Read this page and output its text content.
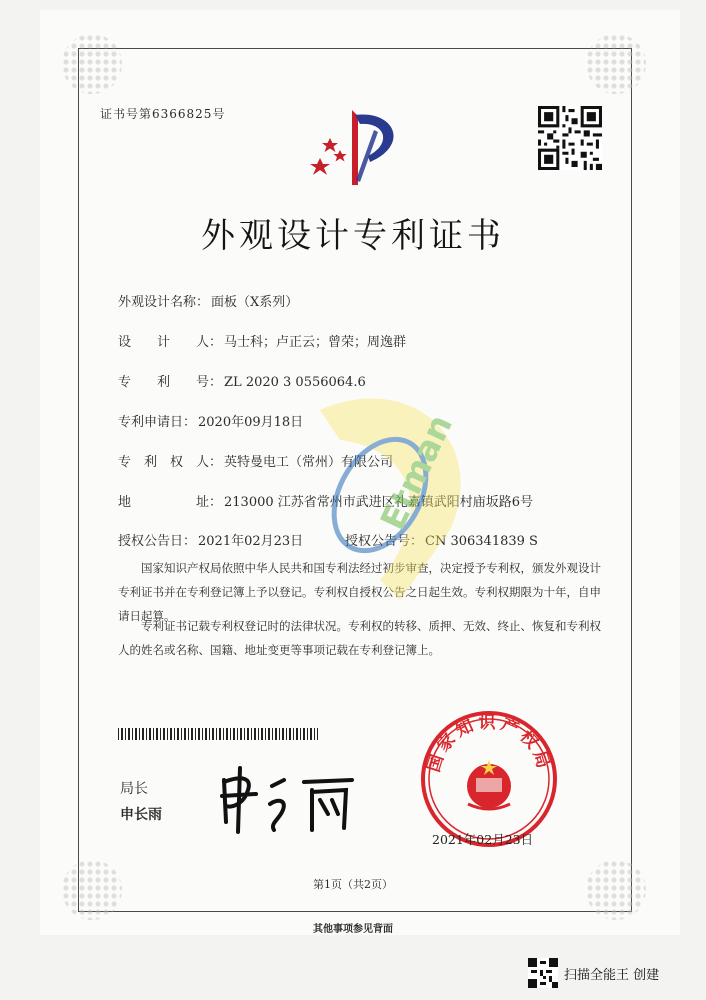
证书号第6366825号
外观设计专利证书
外观设计名称： 面板（X系列）
设　　计　　人： 马士科；卢正云；曾荣；周逸群
专　　利　　号： ZL 2020 3 0556064.6
专利申请日： 2020年09月18日
专　利　权　人： 英特曼电工（常州）有限公司
地　　　　　址： 213000 江苏省常州市武进区礼嘉镇武阳村庙坂路6号
授权公告日： 2021年02月23日	授权公告号： CN 306341839 S
国家知识产权局依照中华人民共和国专利法经过初步审查，决定授予专利权，颁发外观设计专利证书并在专利登记簿上予以登记。专利权自授权公告之日起生效。专利权期限为十年，自申请日起算。
专利证书记载专利权登记时的法律状况。专利权的转移、质押、无效、终止、恢复和专利权人的姓名或名称、国籍、地址变更等事项记载在专利登记簿上。
Etman
局长
申长雨
国家知识产权局
2021年02月23日
第1页（共2页）
其他事项参见背面
扫描全能王 创建
